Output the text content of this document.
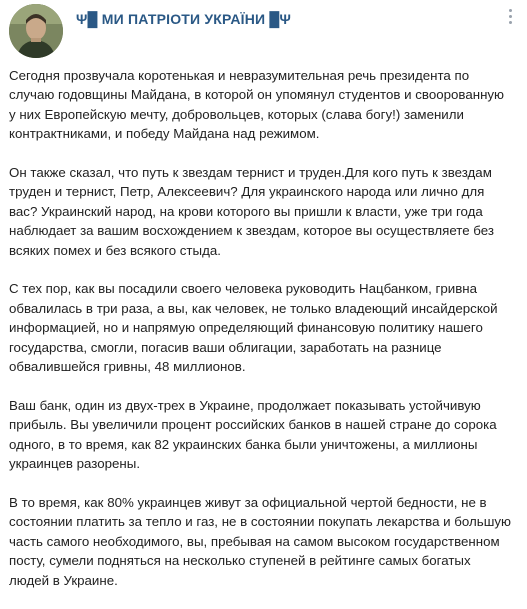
Ψ█ МИ ПАТРІОТИ УКРАЇНИ █Ψ

Сегодня прозвучала коротенькая и невразумительная речь президента по случаю годовщины Майдана, в которой он упомянул студентов и своорованную у них Европейскую мечту, добровольцев, которых (слава богу!) заменили контрактниками, и победу Майдана над режимом.

Он также сказал, что путь к звездам тернист и труден.Для кого путь к звездам труден и тернист, Петр, Алексеевич? Для украинского народа или лично для вас? Украинский народ, на крови которого вы пришли к власти, уже три года наблюдает за вашим восхождением к звездам, которое вы осуществляете без всяких помех и без всякого стыда.

С тех пор, как вы посадили своего человека руководить Нацбанком, гривна обвалилась в три раза, а вы, как человек, не только владеющий инсайдерской информацией, но и напрямую определяющий финансовую политику нашего государства, смогли, погасив ваши облигации, заработать на разнице обвалившейся гривны, 48 миллионов.

Ваш банк, один из двух-трех в Украине, продолжает показывать устойчивую прибыль. Вы увеличили процент российских банков в нашей стране до сорока одного, в то время, как 82 украинских банка были уничтожены, а миллионы украинцев разорены.

В то время, как 80% украинцев живут за официальной чертой бедности, не в состоянии платить за тепло и газ, не в состоянии покупать лекарства и большую часть самого необходимого, вы, пребывая на самом высоком государственном посту, сумели подняться на несколько ступеней в рейтинге самых богатых людей в Украине.
